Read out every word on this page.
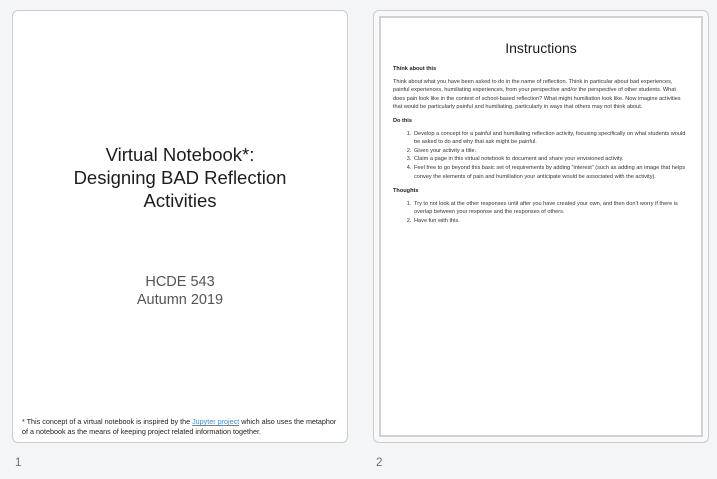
Virtual Notebook*:
Designing BAD Reflection
Activities
HCDE 543
Autumn 2019
* This concept of a virtual notebook is inspired by the Jupyter project which also uses the metaphor of a notebook as the means of keeping project related information together.
Instructions
Think about this

Think about what you have been asked to do in the name of reflection. Think in particular about bad experiences, painful experiences, humiliating experiences, from your perspective and/or the perspective of other students. What does pain look like in the context of school-based reflection? What might humiliation look like. Now imagine activities that would be particularly painful and humiliating, particularly in ways that others may not think about.

Do this
1. Develop a concept for a painful and humiliating reflection activity, focusing specifically on what students would be asked to do and why that ask might be painful.
2. Given your activity a title.
3. Claim a page in this virtual notebook to document and share your envisioned activity.
4. Feel free to go beyond this basic set of requirements by adding “interest” (such as adding an image that helps convey the elements of pain and humiliation your anticipate would be associated with the activity).
Thoughts
1. Try to not look at the other responses until after you have created your own, and then don’t worry if there is overlap between your response and the responses of others.
2. Have fun with this.
1	2
